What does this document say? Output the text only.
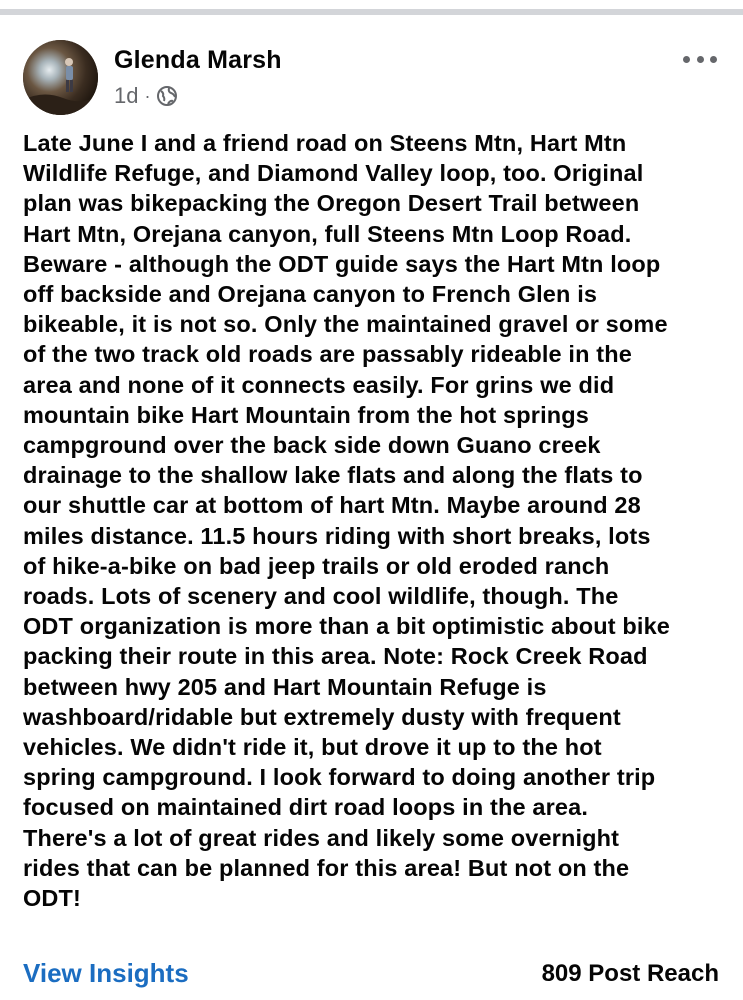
Glenda Marsh
1d ·
Late June I and a friend road on Steens Mtn, Hart Mtn
Wildlife Refuge, and Diamond Valley loop, too. Original
plan was bikepacking the Oregon Desert Trail between
Hart Mtn, Orejana canyon, full Steens Mtn Loop Road.
Beware - although the ODT guide says the Hart Mtn loop
off backside and Orejana canyon to French Glen is
bikeable, it is not so. Only the maintained gravel or some
of the two track old roads are passably rideable in the
area and none of it connects easily. For grins we did
mountain bike Hart Mountain from the hot springs
campground over the back side down Guano creek
drainage to the shallow lake flats and along the flats to
our shuttle car at bottom of hart Mtn. Maybe around 28
miles distance. 11.5 hours riding with short breaks, lots
of hike-a-bike on bad jeep trails or old eroded ranch
roads. Lots of scenery and cool wildlife, though. The
ODT organization is more than a bit optimistic about bike
packing their route in this area. Note: Rock Creek Road
between hwy 205 and Hart Mountain Refuge is
washboard/ridable but extremely dusty with frequent
vehicles. We didn't ride it, but drove it up to the hot
spring campground. I look forward to doing another trip
focused on maintained dirt road loops in the area.
There's a lot of great rides and likely some overnight
rides that can be planned for this area! But not on the
ODT!
View Insights	809 Post Reach
